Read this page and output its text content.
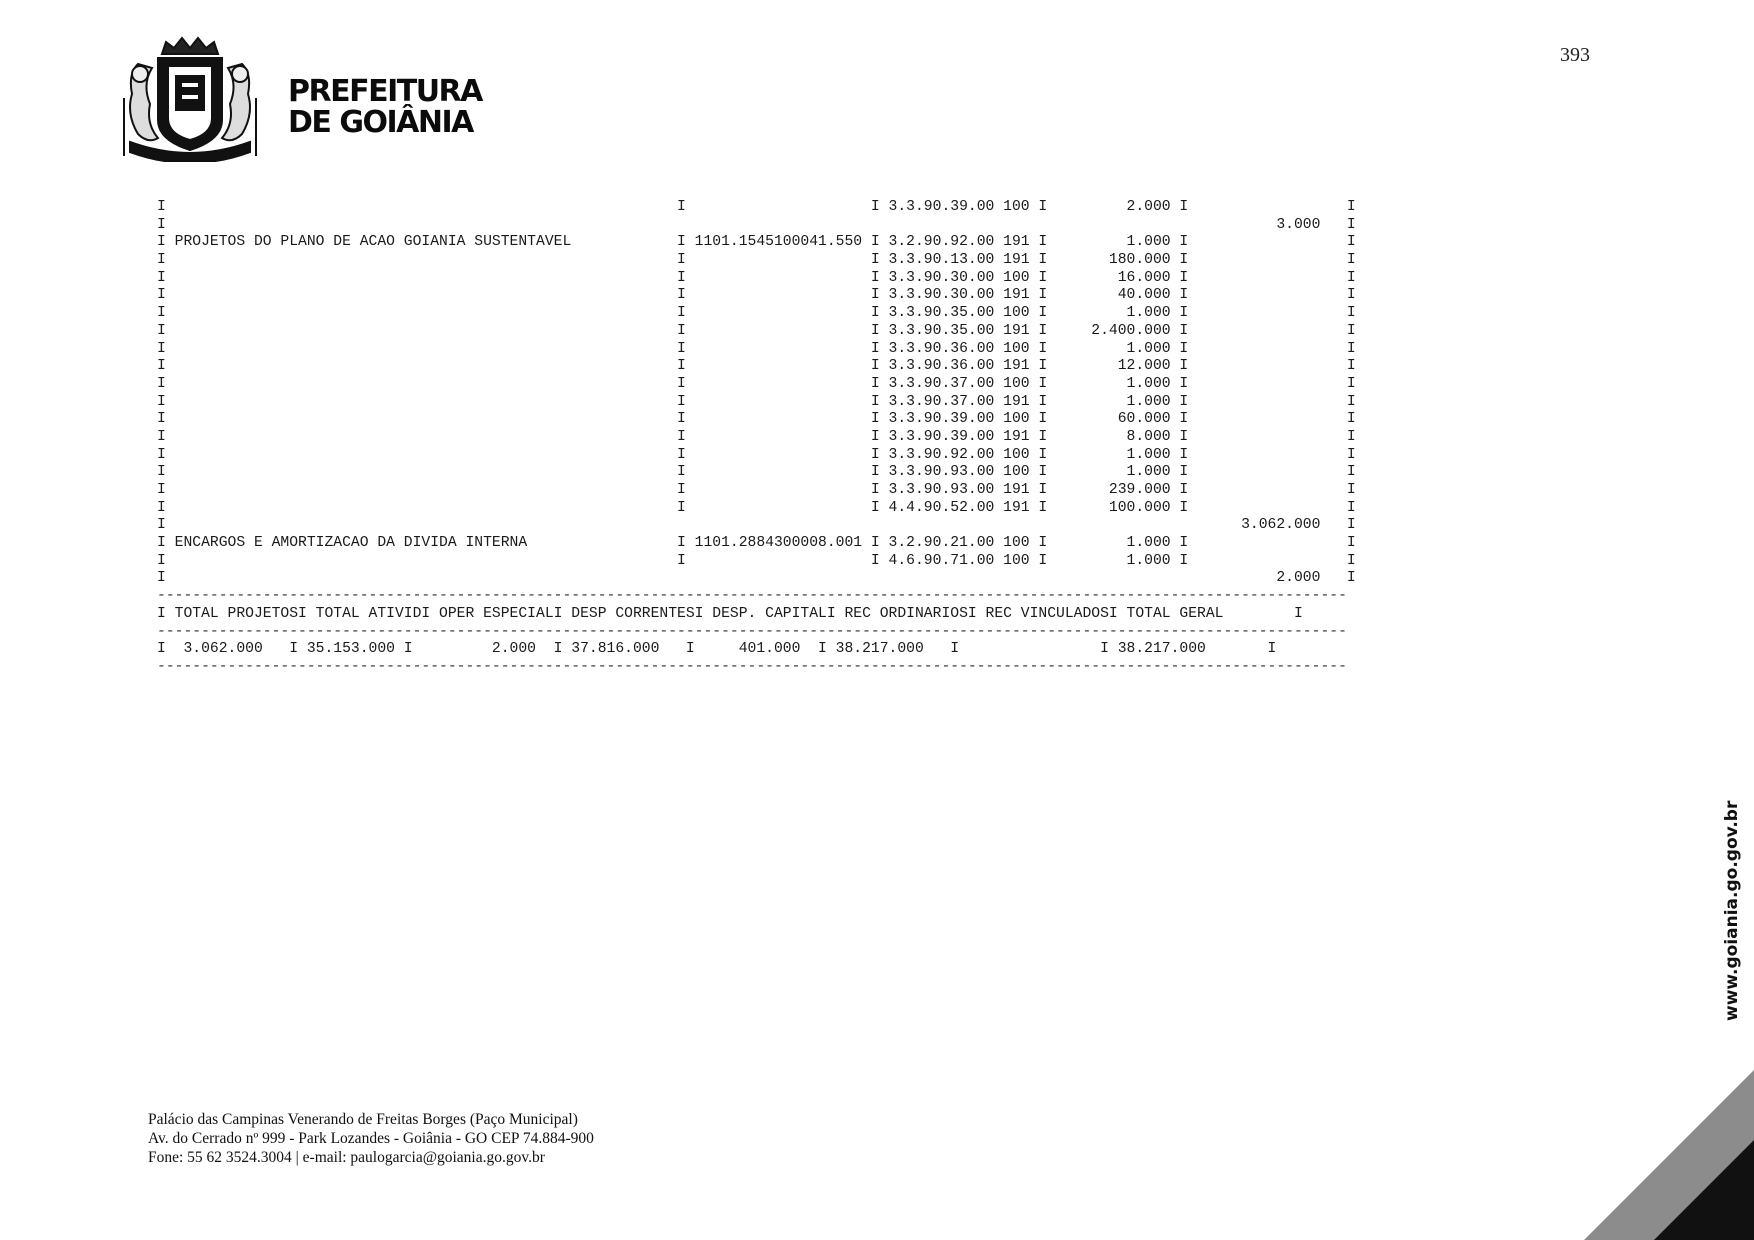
393
PREFEITURA
DE GOIÂNIA
I                                                          I                     I 3.3.90.39.00 100 I         2.000 I                  I
I                                                                                                                              3.000   I
I PROJETOS DO PLANO DE ACAO GOIANIA SUSTENTAVEL            I 1101.1545100041.550 I 3.2.90.92.00 191 I         1.000 I                  I
I                                                          I                     I 3.3.90.13.00 191 I       180.000 I                  I
I                                                          I                     I 3.3.90.30.00 100 I        16.000 I                  I
I                                                          I                     I 3.3.90.30.00 191 I        40.000 I                  I
I                                                          I                     I 3.3.90.35.00 100 I         1.000 I                  I
I                                                          I                     I 3.3.90.35.00 191 I     2.400.000 I                  I
I                                                          I                     I 3.3.90.36.00 100 I         1.000 I                  I
I                                                          I                     I 3.3.90.36.00 191 I        12.000 I                  I
I                                                          I                     I 3.3.90.37.00 100 I         1.000 I                  I
I                                                          I                     I 3.3.90.37.00 191 I         1.000 I                  I
I                                                          I                     I 3.3.90.39.00 100 I        60.000 I                  I
I                                                          I                     I 3.3.90.39.00 191 I         8.000 I                  I
I                                                          I                     I 3.3.90.92.00 100 I         1.000 I                  I
I                                                          I                     I 3.3.90.93.00 100 I         1.000 I                  I
I                                                          I                     I 3.3.90.93.00 191 I       239.000 I                  I
I                                                          I                     I 4.4.90.52.00 191 I       100.000 I                  I
I                                                                                                                          3.062.000   I
I ENCARGOS E AMORTIZACAO DA DIVIDA INTERNA                 I 1101.2884300008.001 I 3.2.90.21.00 100 I         1.000 I                  I
I                                                          I                     I 4.6.90.71.00 100 I         1.000 I                  I
I                                                                                                                              2.000   I
---------------------------------------------------------------------------------------------------------------------------------------
I TOTAL PROJETOSI TOTAL ATIVIDI OPER ESPECIALI DESP CORRENTESI DESP. CAPITALI REC ORDINARIOSI REC VINCULADOSI TOTAL GERAL        I
---------------------------------------------------------------------------------------------------------------------------------------
I  3.062.000   I 35.153.000 I         2.000  I 37.816.000   I     401.000  I 38.217.000   I                I 38.217.000       I
---------------------------------------------------------------------------------------------------------------------------------------
Palácio das Campinas Venerando de Freitas Borges (Paço Municipal)
Av. do Cerrado nº 999 - Park Lozandes - Goiânia - GO CEP 74.884-900
Fone: 55 62 3524.3004 | e-mail: paulogarcia@goiania.go.gov.br
www.goiania.go.gov.br
